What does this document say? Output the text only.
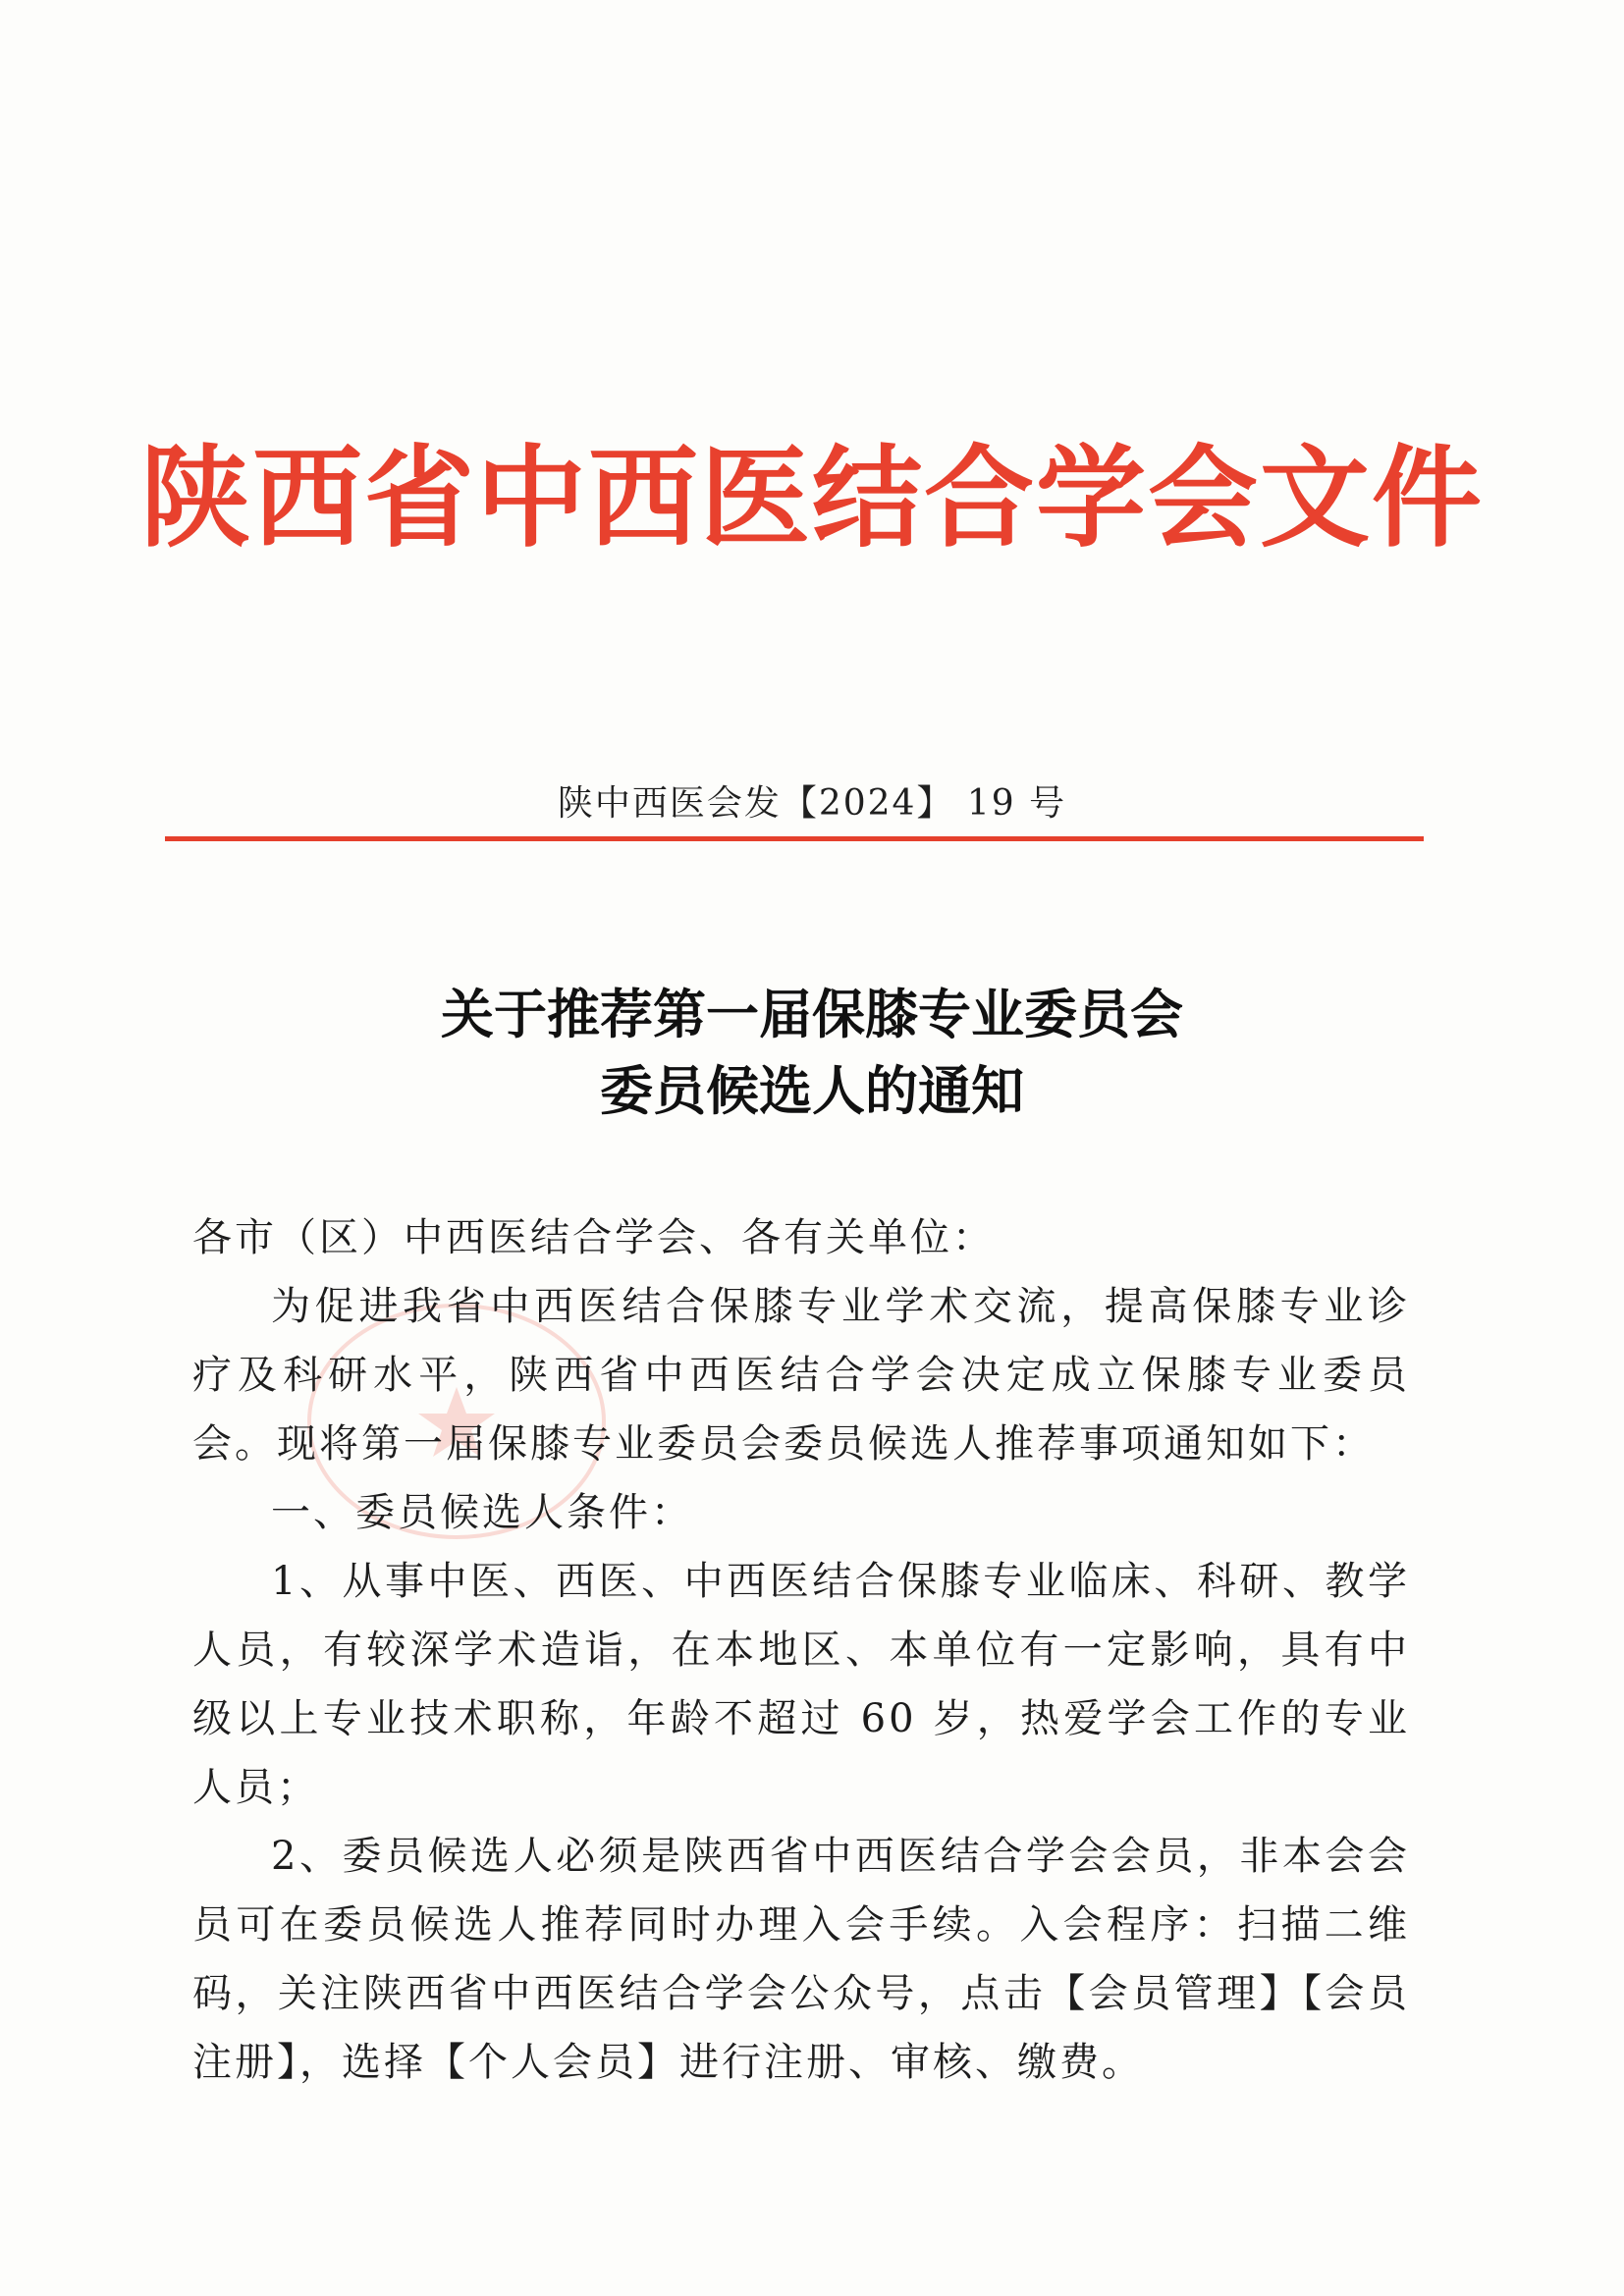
陕西省中西医结合学会文件
陕中西医会发【2024】 19 号
关于推荐第一届保膝专业委员会
委员候选人的通知

各市（区）中西医结合学会、各有关单位：

为促进我省中西医结合保膝专业学术交流，提高保膝专业诊疗及科研水平，陕西省中西医结合学会决定成立保膝专业委员会。现将第一届保膝专业委员会委员候选人推荐事项通知如下：

一、委员候选人条件：

1、从事中医、西医、中西医结合保膝专业临床、科研、教学人员，有较深学术造诣，在本地区、本单位有一定影响，具有中级以上专业技术职称，年龄不超过 60 岁，热爱学会工作的专业人员；

2、委员候选人必须是陕西省中西医结合学会会员，非本会会员可在委员候选人推荐同时办理入会手续。入会程序：扫描二维码，关注陕西省中西医结合学会公众号，点击【会员管理】【会员注册】，选择【个人会员】进行注册、审核、缴费。
